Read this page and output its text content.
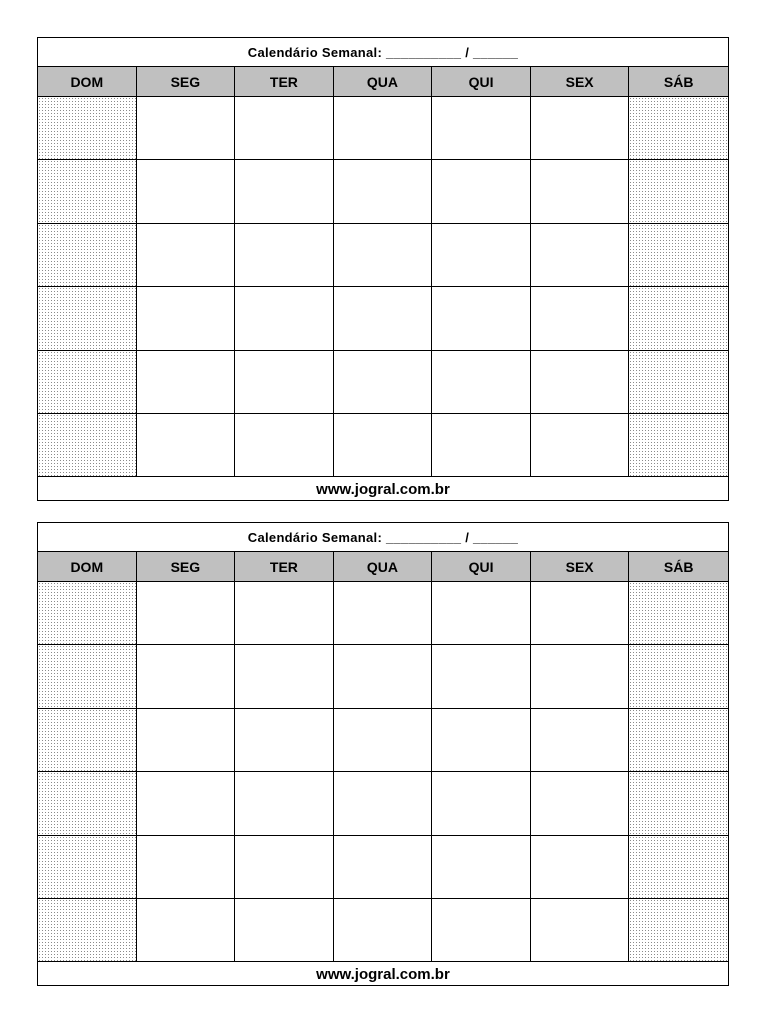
Calendário Semanal: __________ / ______
DOM	SEG	TER	QUA	QUI	SEX	SÁB
www.jogral.com.br
Calendário Semanal: __________ / ______
DOM	SEG	TER	QUA	QUI	SEX	SÁB
www.jogral.com.br
